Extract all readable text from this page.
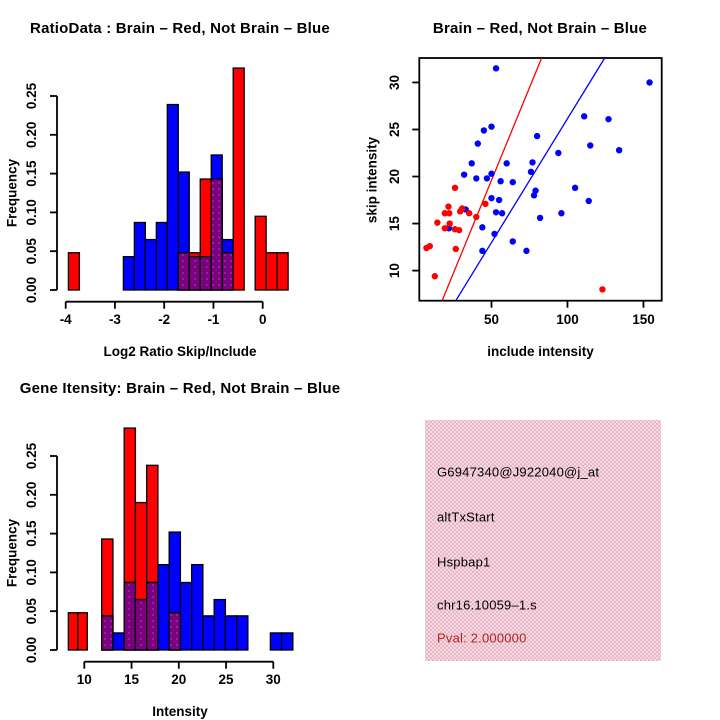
-4	-3	-2	-1	0
0.00
0.05
0.10
0.15
0.20
0.25
RatioData : Brain – Red, Not Brain – Blue
Log2 Ratio Skip/Include
Frequency
50	100	150
10
15
20
25
30
Brain – Red, Not Brain – Blue
include intensity
skip intensity
10 15 20 25 30
0.00
0.05
0.10
0.15
0.20
0.25
Gene Itensity: Brain – Red, Not Brain – Blue
Intensity
Frequency
G6947340@J922040@j_at
altTxStart
Hspbap1
chr16.10059–1.s
Pval: 2.000000
